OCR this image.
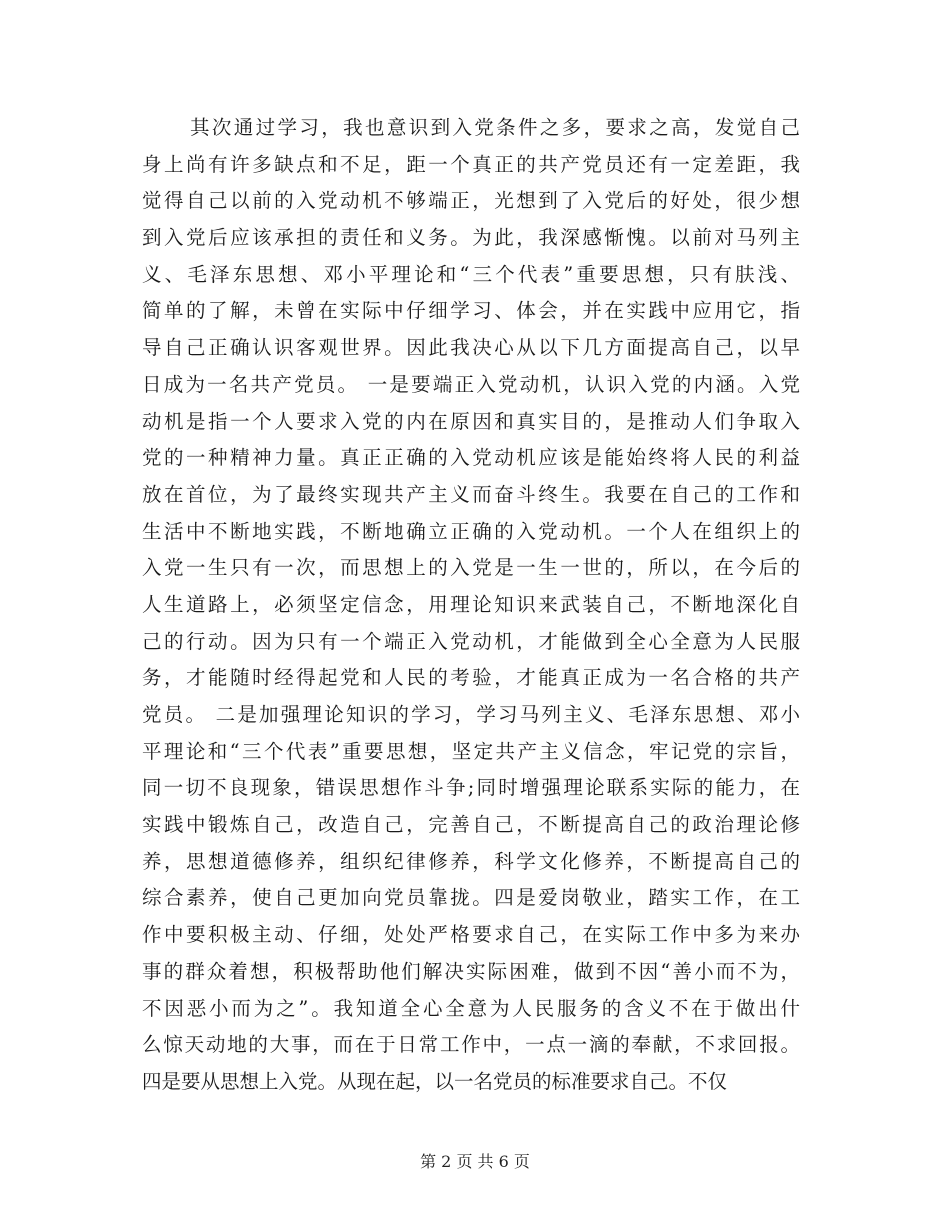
其次通过学习，我也意识到入党条件之多，要求之高，发觉自己
身上尚有许多缺点和不足，距一个真正的共产党员还有一定差距，我
觉得自己以前的入党动机不够端正，光想到了入党后的好处，很少想
到入党后应该承担的责任和义务。为此，我深感惭愧。以前对马列主
义、毛泽东思想、邓小平理论和“三个代表”重要思想，只有肤浅、
简单的了解，未曾在实际中仔细学习、体会，并在实践中应用它，指
导自己正确认识客观世界。因此我决心从以下几方面提高自己，以早
日成为一名共产党员。 一是要端正入党动机，认识入党的内涵。入党
动机是指一个人要求入党的内在原因和真实目的，是推动人们争取入
党的一种精神力量。真正正确的入党动机应该是能始终将人民的利益
放在首位，为了最终实现共产主义而奋斗终生。我要在自己的工作和
生活中不断地实践，不断地确立正确的入党动机。一个人在组织上的
入党一生只有一次，而思想上的入党是一生一世的，所以，在今后的
人生道路上，必须坚定信念，用理论知识来武装自己，不断地深化自
己的行动。因为只有一个端正入党动机，才能做到全心全意为人民服
务，才能随时经得起党和人民的考验，才能真正成为一名合格的共产
党员。 二是加强理论知识的学习，学习马列主义、毛泽东思想、邓小
平理论和“三个代表”重要思想，坚定共产主义信念，牢记党的宗旨，
同一切不良现象，错误思想作斗争;同时增强理论联系实际的能力，在
实践中锻炼自己，改造自己，完善自己，不断提高自己的政治理论修
养，思想道德修养，组织纪律修养，科学文化修养，不断提高自己的
综合素养，使自己更加向党员靠拢。四是爱岗敬业，踏实工作，在工
作中要积极主动、仔细，处处严格要求自己，在实际工作中多为来办
事的群众着想，积极帮助他们解决实际困难，做到不因“善小而不为，
不因恶小而为之”。我知道全心全意为人民服务的含义不在于做出什
么惊天动地的大事，而在于日常工作中，一点一滴的奉献，不求回报。
四是要从思想上入党。从现在起，以一名党员的标准要求自己。不仅
第 2 页 共 6 页
